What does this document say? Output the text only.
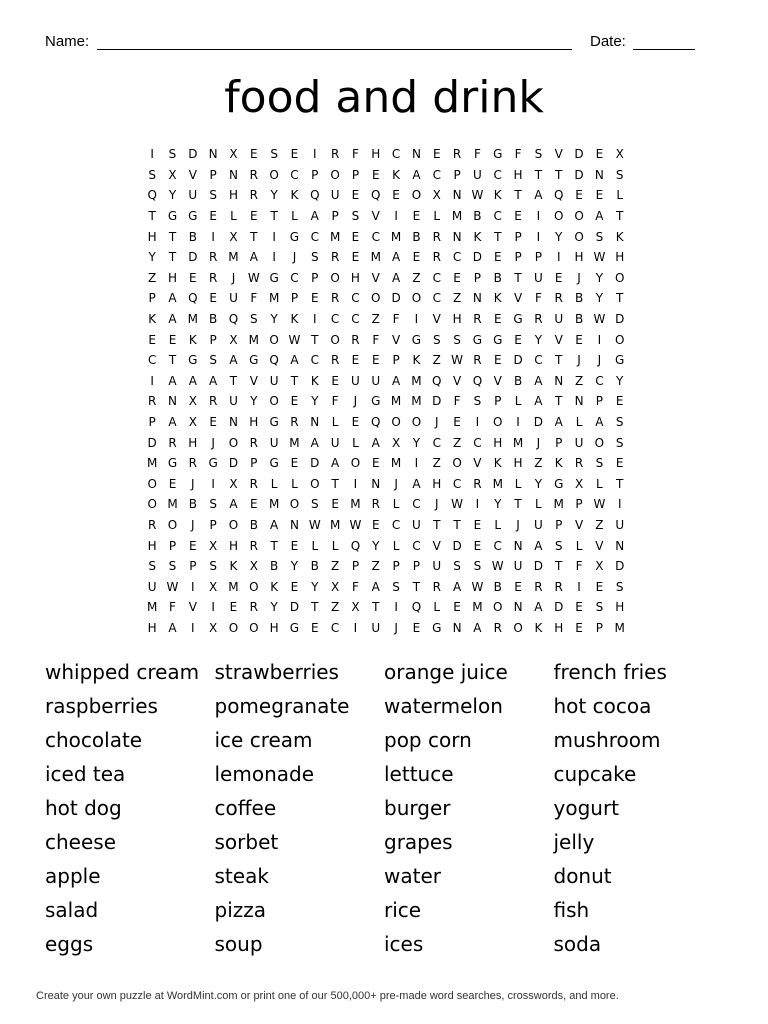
Name:	Date:
food and drink
I	S D N X	E	S	E	I	R	F	H C N	E	R	F	G	F	S	V D E	X
S	X	V	P	N R O C	P O P	E	K	A	C	P	U C H	T	T	D N	S
Q Y	U	S	H R	Y	K Q U	E Q E O X N W K	T	A Q E	E	L
T	G G E	L	E	T	L	A	P	S	V	I	E	L M B	C	E	I	O O A	T
H	T	B	I	X	T	I	G C M E	C M B	R N K	T	P	I	Y O S	K
Y	T	D R M A	I	J	S	R	E M A	E	R C D E	P	P	I	H W H
Z H	E	R	J	W G C	P O H V	A	Z	C	E	P	B	T	U	E	J	Y O
P	A Q E	U	F M P	E	R C O D O C	Z N K	V	F	R	B	Y	T
K	A M B Q S	Y	K	I	C C	Z	F	I	V H R	E G R U B W D
E	E	K	P	X M O W T O R	F	V G S	S G G E	Y	V	E	I	O
C	T	G S	A G Q A	C R	E	E	P	K	Z W R	E D C	T	J	J	G
I	A	A	A	T	V U	T	K	E	U U A M Q V Q V	B	A N Z	C	Y
R N X	R U	Y O E	Y	F	J	G M M D	F	S	P	L	A	T	N	P	E
P	A	X	E	N H G R N	L	E Q O O	J	E	I	O	I	D A	L	A	S
D R H	J	O R U M A U	L	A	X	Y	C	Z	C H M	J	P	U O S
M G R G D	P	G E D A O E M	I	Z O V	K H Z	K	R	S	E
O E	J	I	X	R	L	L	O T	I	N	J	A H C R M L	Y	G X	L	T
O M B	S	A	E M O S	E M R	L	C	J	W	I	Y	T	L M P W	I
R O	J	P O B	A N W M W E	C U	T	T	E	L	J	U	P	V	Z U
H	P	E	X H R	T	E	L	L	Q Y	L	C	V D E	C N A	S	L	V N
S	S	P	S	K	X	B	Y	B	Z	P	Z	P	P	U	S	S W U D	T	F	X D
U W	I	X M O K	E	Y	X	F	A	S	T	R	A W B	E	R R	I	E	S
M F	V	I	E	R	Y	D	T	Z	X	T	I	Q	L	E M O N A D E	S	H
H A	I	X O O H G E	C	I	U	J	E G N A	R O K H	E	P M
whipped cream
raspberries
chocolate
iced tea
hot dog
cheese
apple
salad
eggs
strawberries
pomegranate
ice cream
lemonade
coffee
sorbet
steak
pizza
soup
orange juice
watermelon
pop corn
lettuce
burger
grapes
water
rice
ices
french fries
hot cocoa
mushroom
cupcake
yogurt
jelly
donut
fish
soda
Create your own puzzle at WordMint.com or print one of our 500,000+ pre-made word searches, crosswords, and more.
